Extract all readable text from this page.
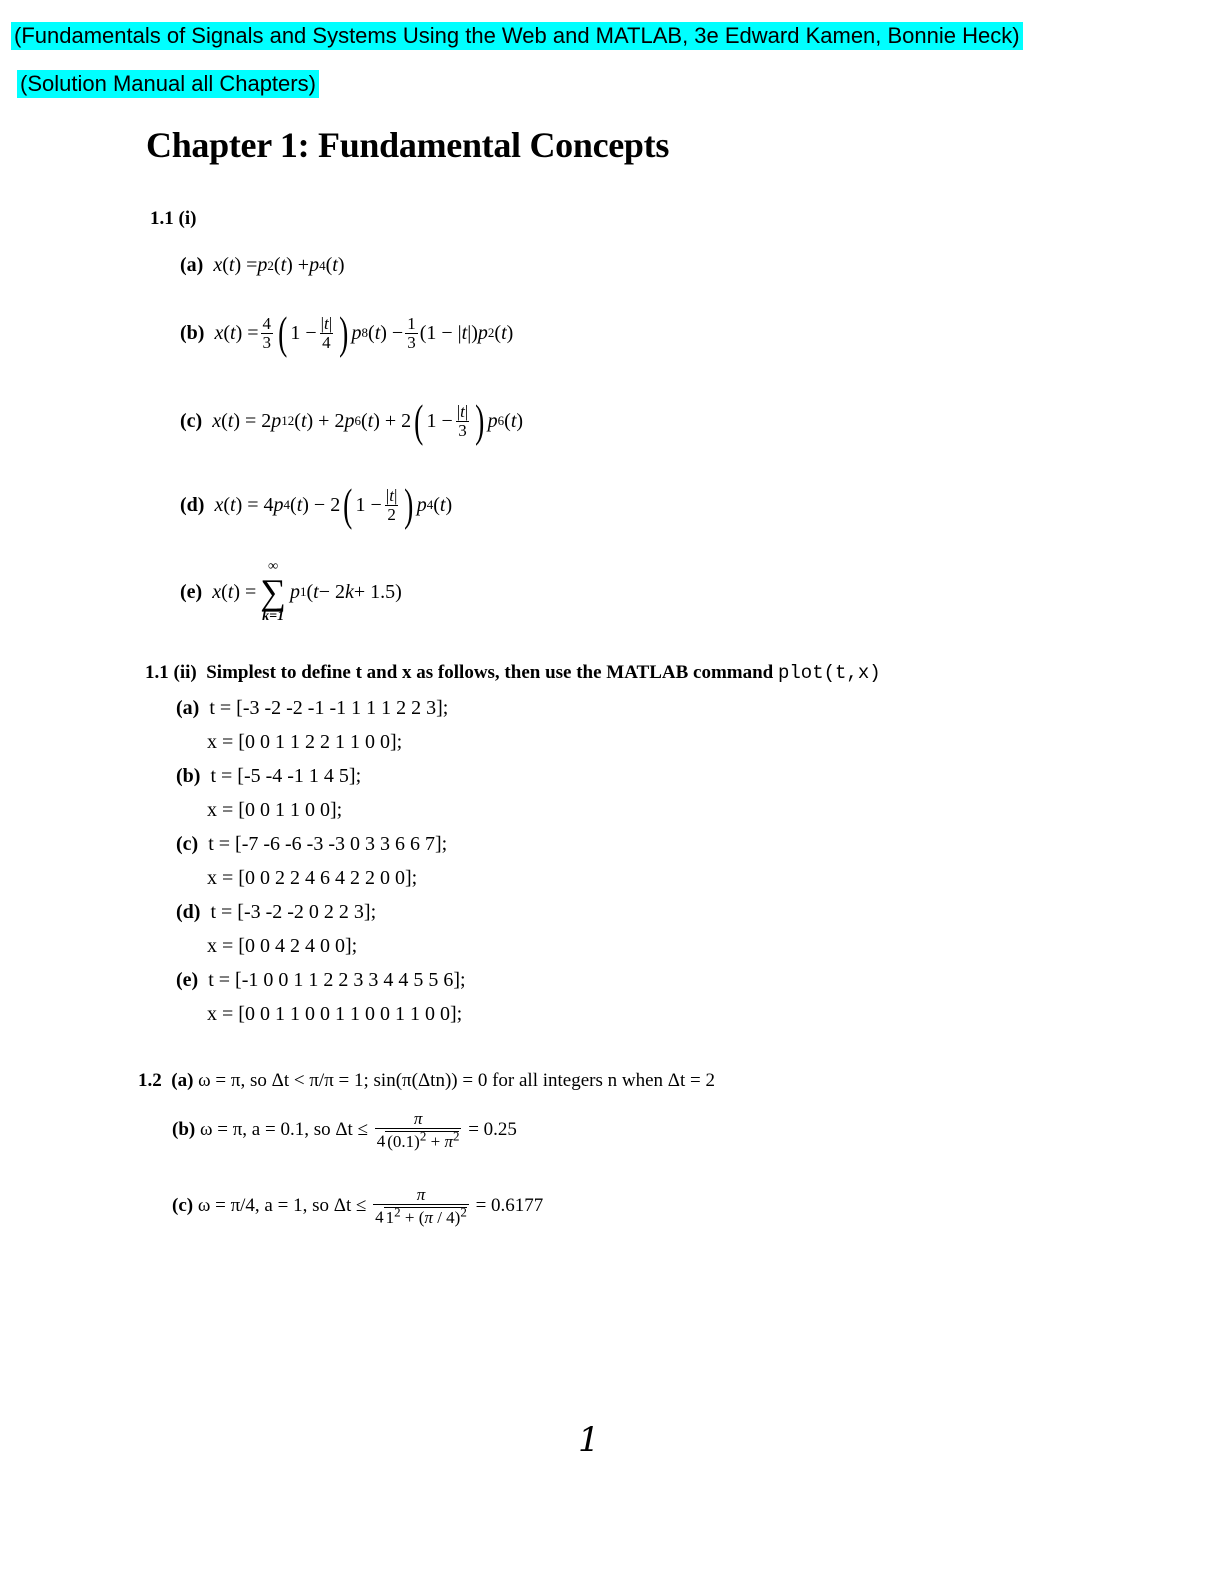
(Fundamentals of Signals and Systems Using the Web and MATLAB, 3e Edward Kamen, Bonnie Heck)
(Solution Manual all Chapters)
Chapter 1: Fundamental Concepts
1.1 (i)
(a)
x ( t ) = p 2 ( t ) + p 4 ( t )
(b)
x ( t ) = $\frac{4}{3}$ ( $1 - \frac{|t|}{4}$ ) p 8 ( t ) − $\frac{1}{3} (1$ − | t |) p 2 ( t )
(c)
x ( t ) = 2 p 12 ( t ) + 2 p 6 ( t ) + 2 ( $1 - \frac{|t|}{3}$ ) p 6 ( t )
(d)
x ( t ) = 4 p 4 ( t ) − 2 ( $1 - \frac{|t|}{2}$ ) p 4 ( t )
(e)
x ( t ) =
∞
∑
k=1
p 1 ( t − 2 k + 1.5)
1.1 (ii)
Simplest to define t and x as follows, then use the MATLAB command
plot(t,x)
(a) t = [-3 -2 -2 -1 -1 1 1 1 2 2 3];
x = [0 0 1 1 2 2 1 1 0 0];
(b) t = [-5 -4 -1 1 4 5];
x = [0 0 1 1 0 0];
(c) t = [-7 -6 -6 -3 -3 0 3 3 6 6 7];
x = [0 0 2 2 4 6 4 2 2 0 0];
(d) t = [-3 -2 -2 0 2 2 3];
x = [0 0 4 2 4 0 0];
(e) t = [-1 0 0 1 1 2 2 3 3 4 4 5 5 6];
x = [0 0 1 1 0 0 1 1 0 0 1 1 0 0];
1.2
(a)
ω = π, so Δt < π/π = 1; sin(π(Δtn)) = 0 for all integers n when Δt = 2
(b)
ω = π, a = 0.1, so Δt ≤
$\frac{\pi}{4 (0.1)^2 + \pi^2}$
= 0.25
(c)
ω = π/4, a = 1, so Δt ≤
$\frac{\pi}{4 1^2 + (\pi / 4)^2}$
= 0.6177
1
